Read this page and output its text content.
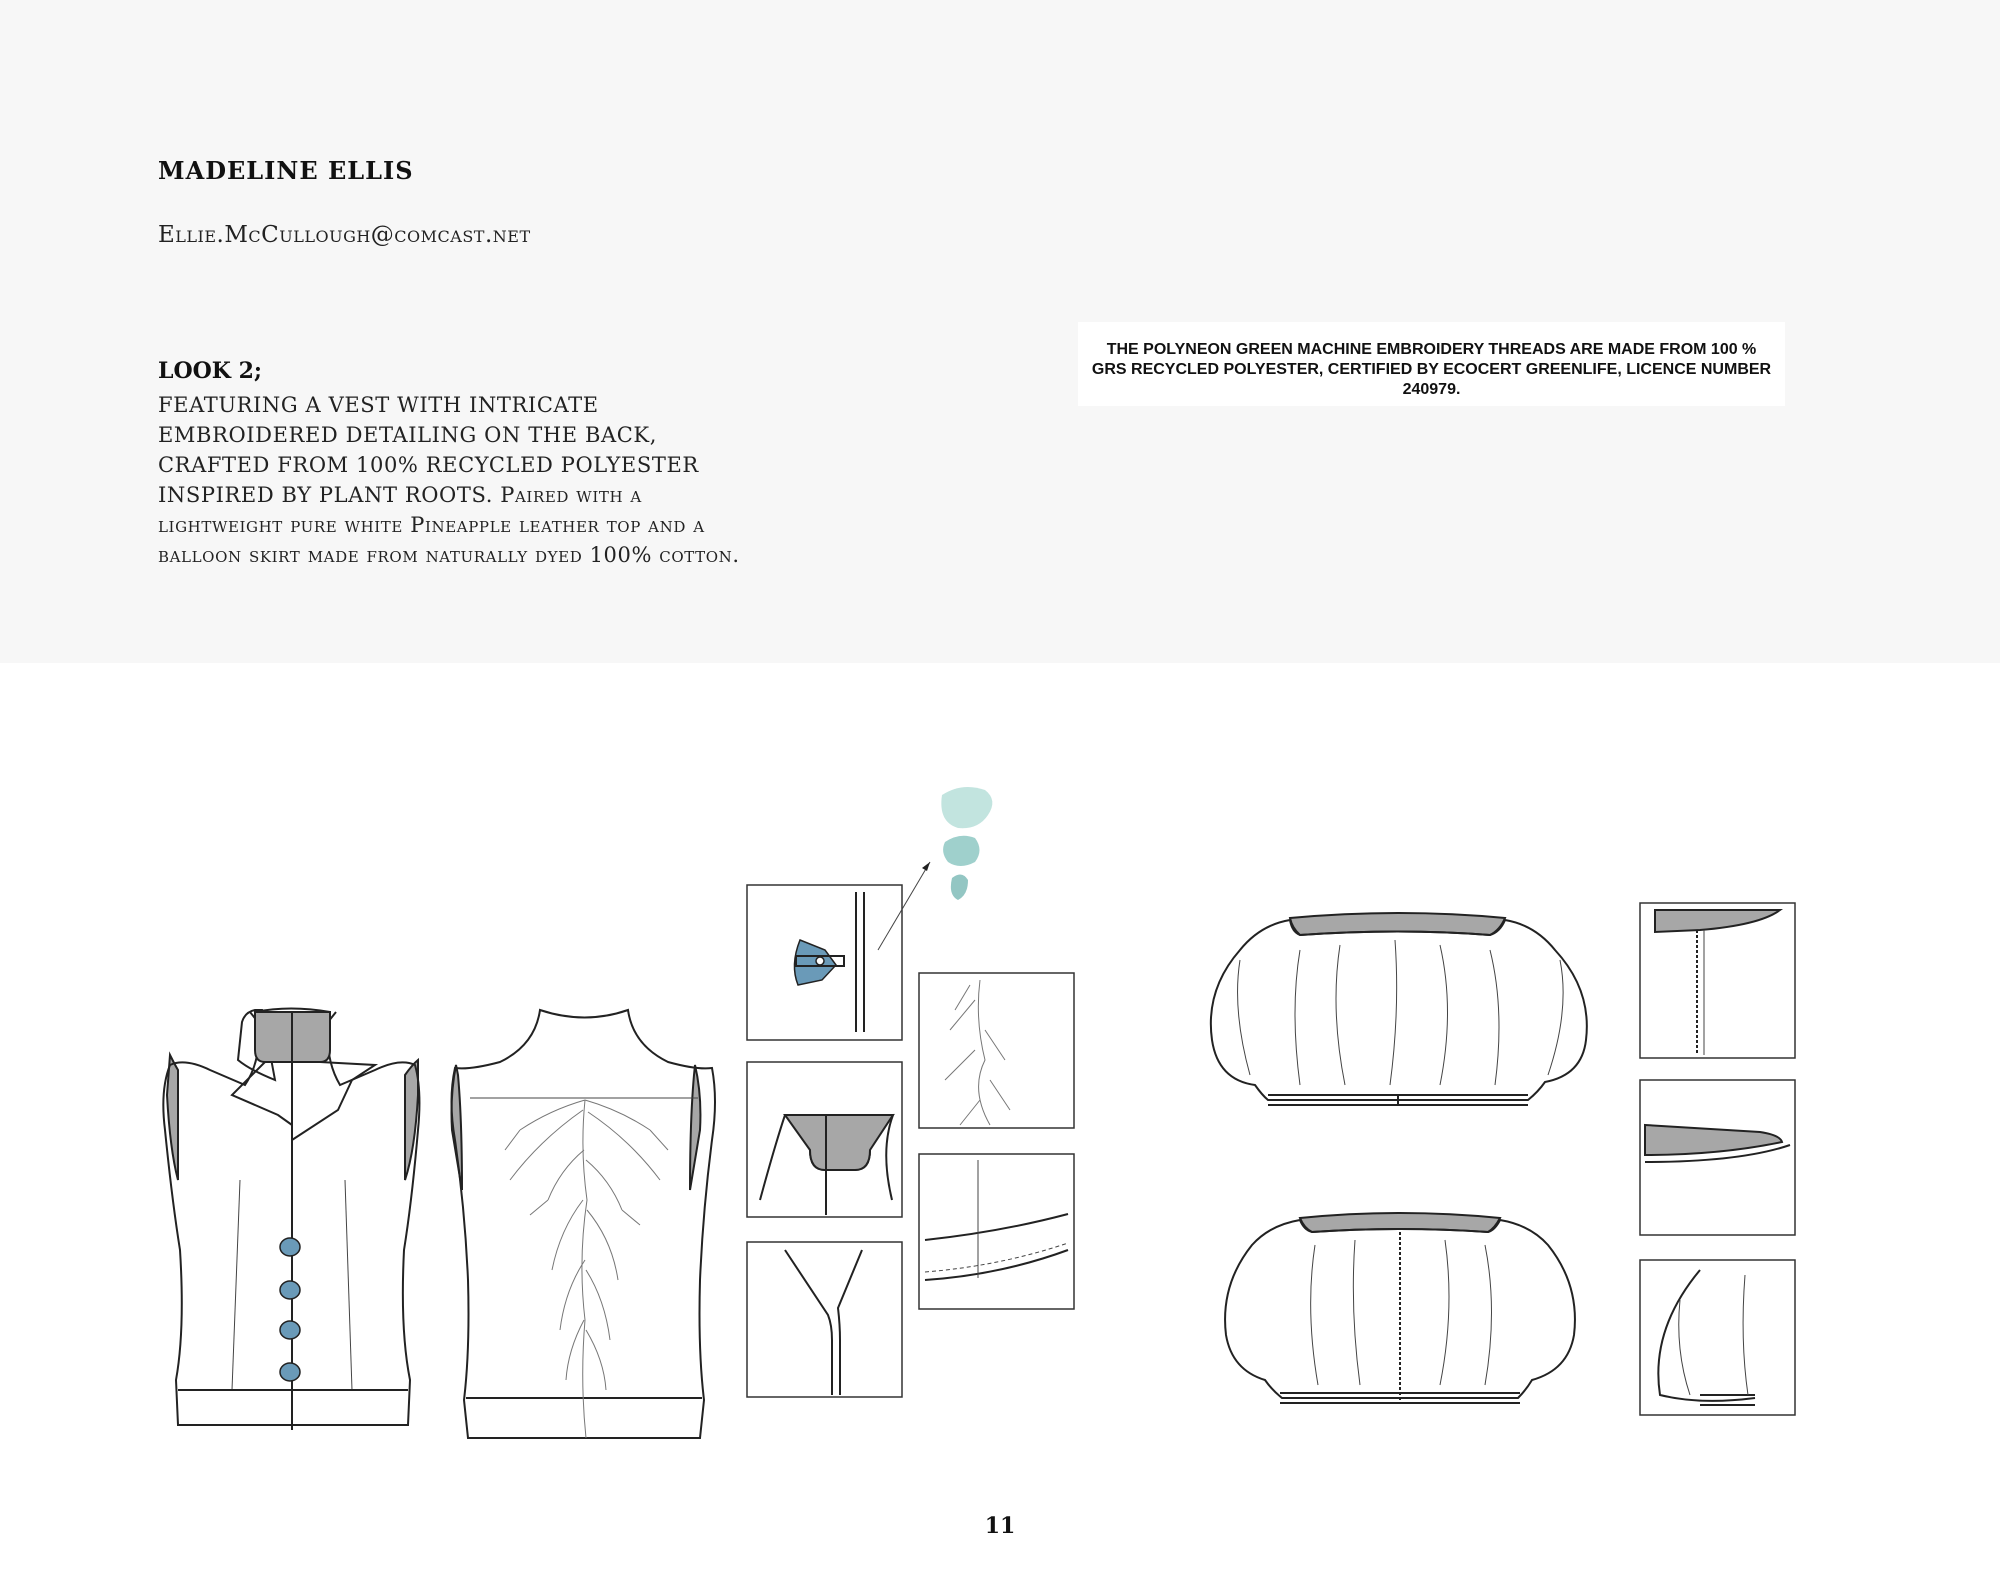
MADELINE ELLIS
Ellie.McCullough@comcast.net
LOOK 2;
FEATURING A VEST WITH INTRICATE EMBROIDERED DETAILING ON THE BACK, CRAFTED FROM 100% RECYCLED POLYESTER INSPIRED BY PLANT ROOTS. Paired with a lightweight pure white Pineapple leather top and a balloon skirt made from naturally dyed 100% cotton.
THE POLYNEON GREEN MACHINE EMBROIDERY THREADS ARE MADE FROM 100 % GRS RECYCLED POLYESTER, CERTIFIED BY ECOCERT GREENLIFE, LICENCE NUMBER 240979.
11
